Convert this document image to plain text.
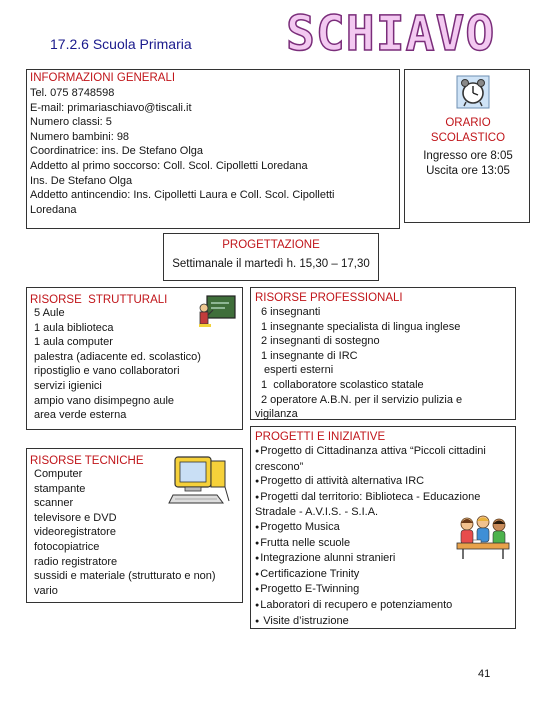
17.2.6 Scuola Primaria SCHIAVO
INFORMAZIONI GENERALI
Tel. 075 8748598
E-mail: primariaschiavo@tiscali.it
Numero classi: 5
Numero bambini: 98
Coordinatrice: ins. De Stefano Olga
Addetto al primo soccorso: Coll. Scol. Cipolletti Loredana
Ins. De Stefano Olga
Addetto antincendio: Ins. Cipolletti Laura e Coll. Scol. Cipolletti
Loredana
ORARIO
SCOLASTICO
Ingresso ore 8:05
Uscita ore 13:05
PROGETTAZIONE
Settimanale il martedì h. 15,30 – 17,30
RISORSE  STRUTTURALI
5 Aule
1 aula biblioteca
1 aula computer
palestra (adiacente ed. scolastico)
ripostiglio e vano collaboratori
servizi igienici
ampio vano disimpegno aule
area verde esterna
RISORSE TECNICHE
Computer
stampante
scanner
televisore e DVD
videoregistratore
fotocopiatrice
radio registratore
sussidi e materiale (strutturato e non)
vario
RISORSE PROFESSIONALI
6 insegnanti
1 insegnante specialista di lingua inglese
2 insegnanti di sostegno
1 insegnante di IRC
esperti esterni
1  collaboratore scolastico statale
2 operatore A.B.N. per il servizio pulizia e
vigilanza
PROGETTI E INIZIATIVE
●Progetto di Cittadinanza attiva “Piccoli cittadini crescono”
●Progetto di attività alternativa IRC
●Progetti dal territorio: Biblioteca - Educazione Stradale - A.V.I.S. - S.I.A.
●Progetto Musica
●Frutta nelle scuole
●Integrazione alunni stranieri
●Certificazione Trinity
●Progetto E-Twinning
●Laboratori di recupero e potenziamento
● Visite d’istruzione
41
